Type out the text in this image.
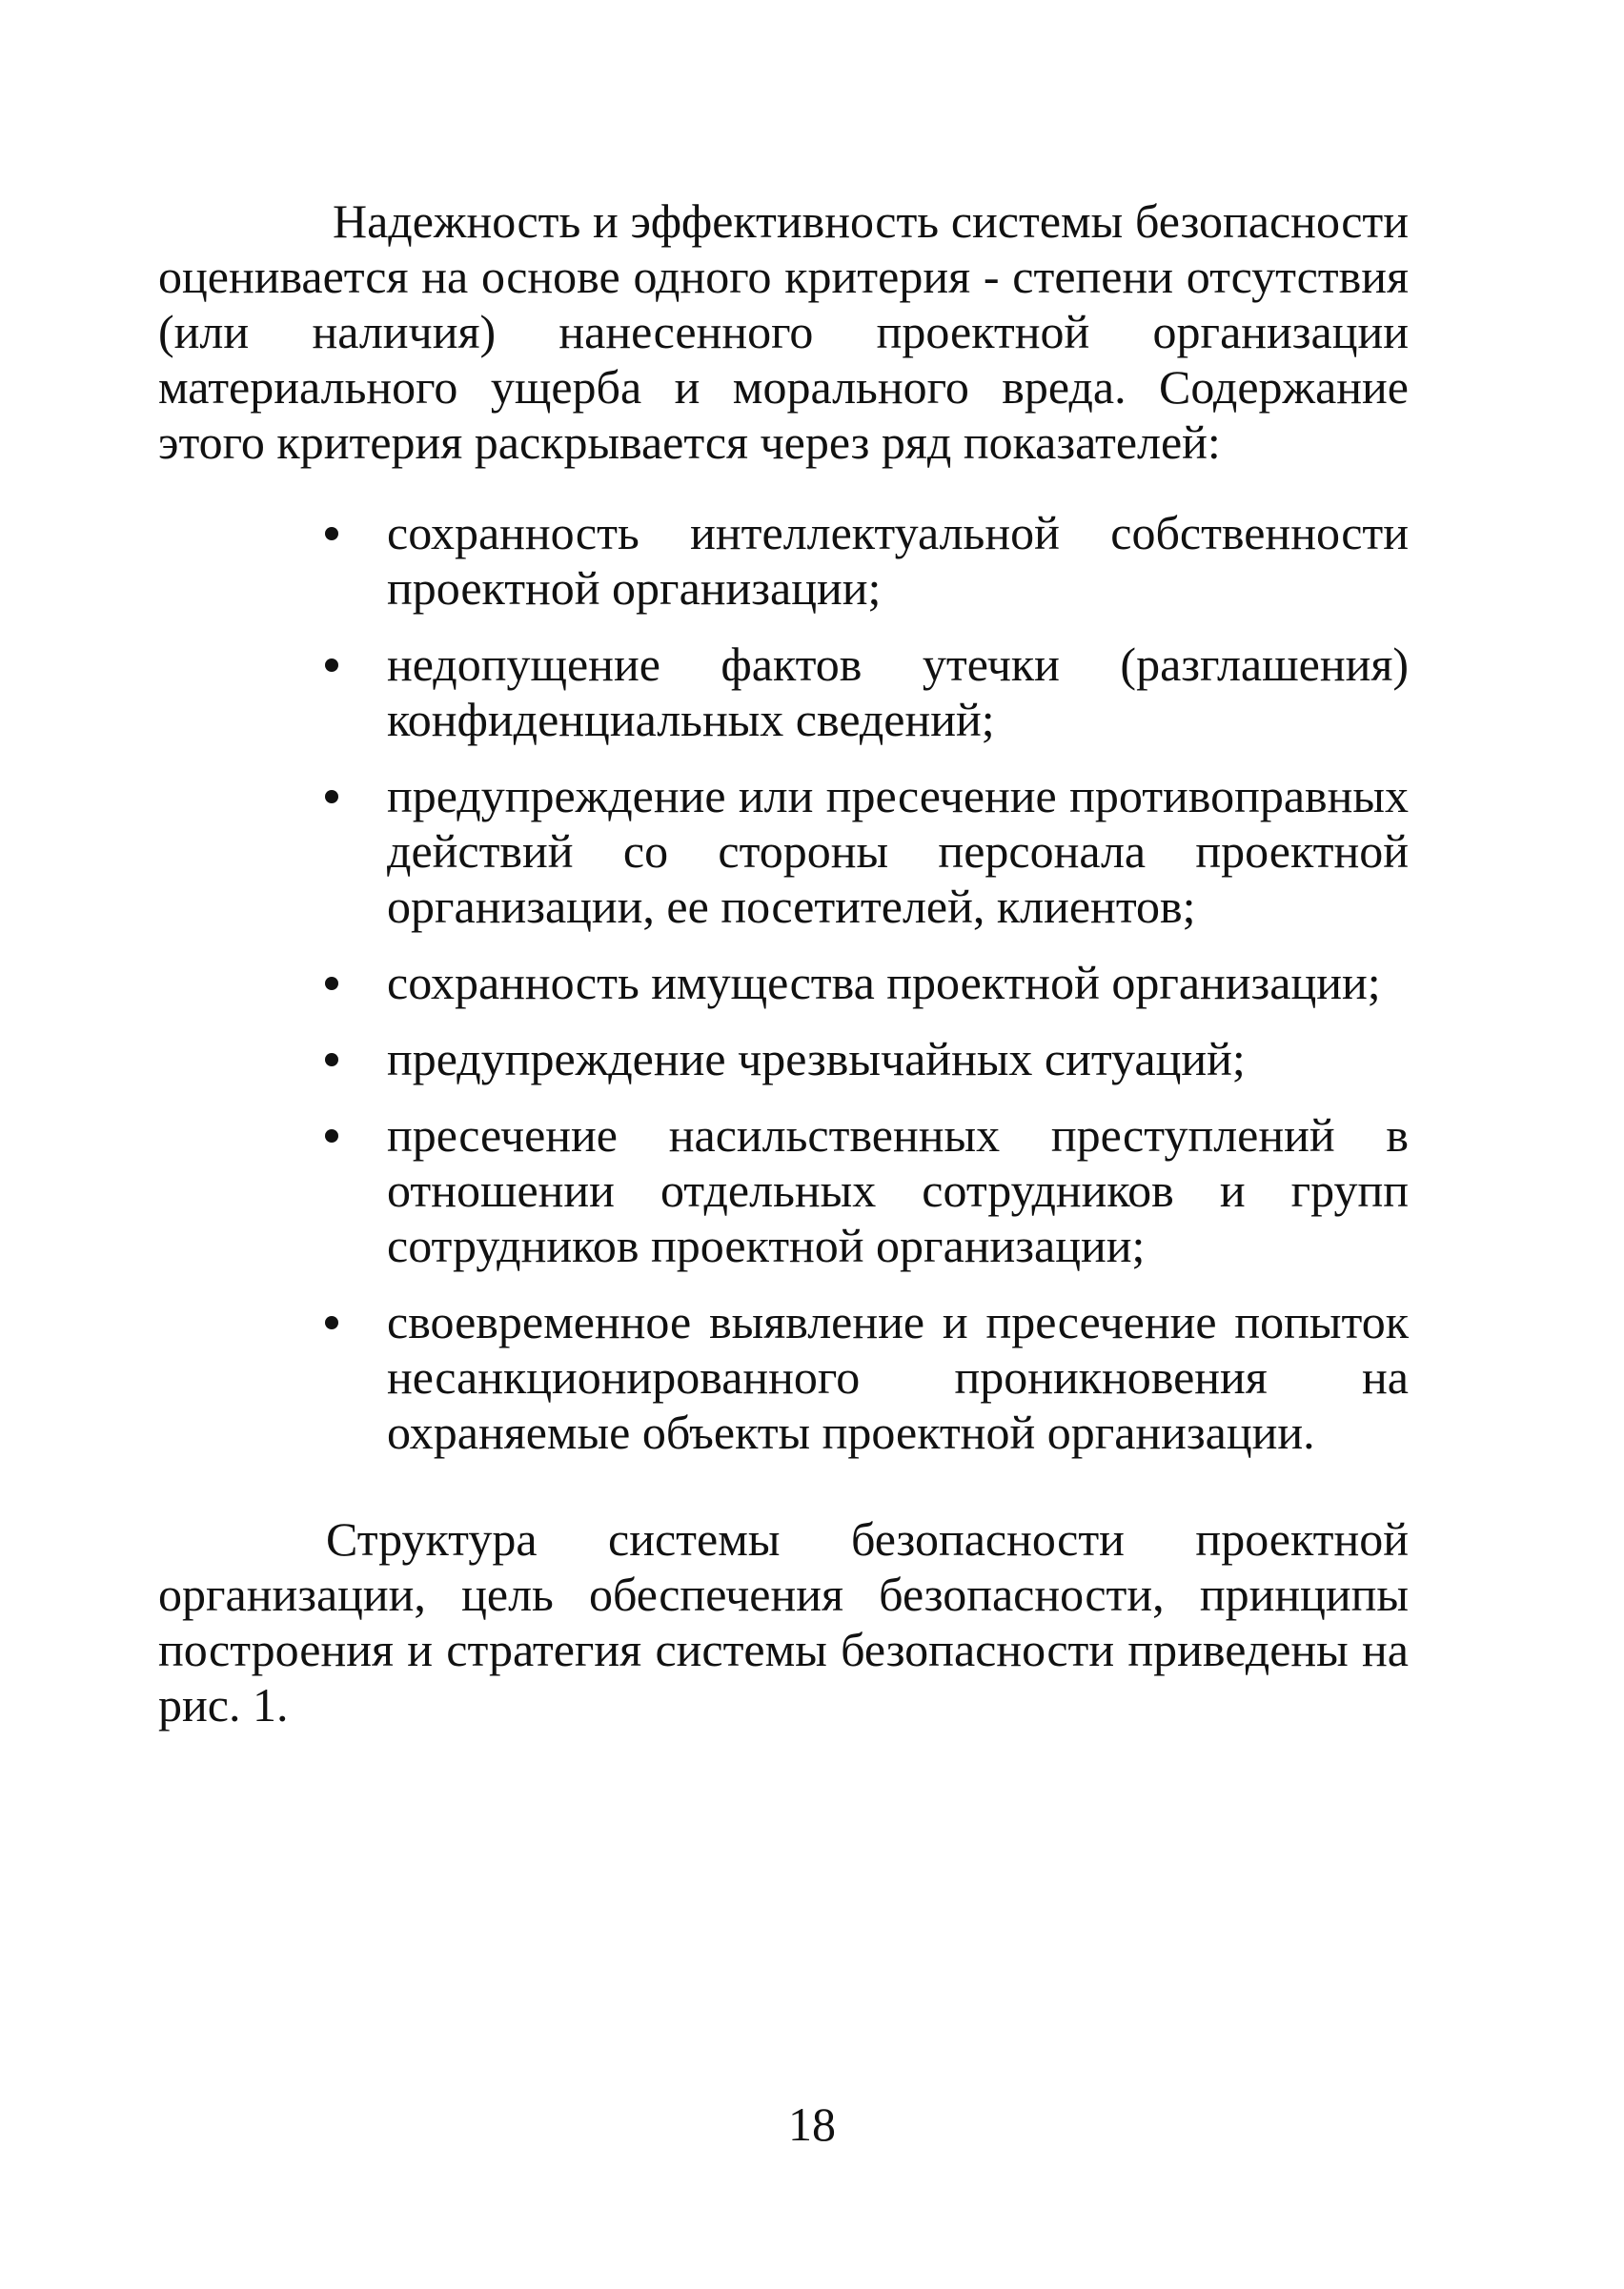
Надежность и эффективность системы безопасности оценивается на основе одного критерия - степени отсутствия (или наличия) нанесенного проектной организации материального ущерба и морального вреда. Содержание этого критерия раскрывается через ряд показателей:

сохранность интеллектуальной собственности проектной организации;
недопущение фактов утечки (разглашения) конфиденциальных сведений;
предупреждение или пресечение противоправных действий со стороны персонала проектной организации, ее посетителей, клиентов;
сохранность имущества проектной организации;
предупреждение чрезвычайных ситуаций;
пресечение насильственных преступлений в отношении отдельных сотрудников и групп сотрудников проектной организации;
своевременное выявление и пресечение попыток несанкционированного проникновения на охраняемые объекты проектной организации.

Структура системы безопасности проектной организации, цель обеспечения безопасности, принципы построения и стратегия системы безопасности приведены на рис. 1.

18
